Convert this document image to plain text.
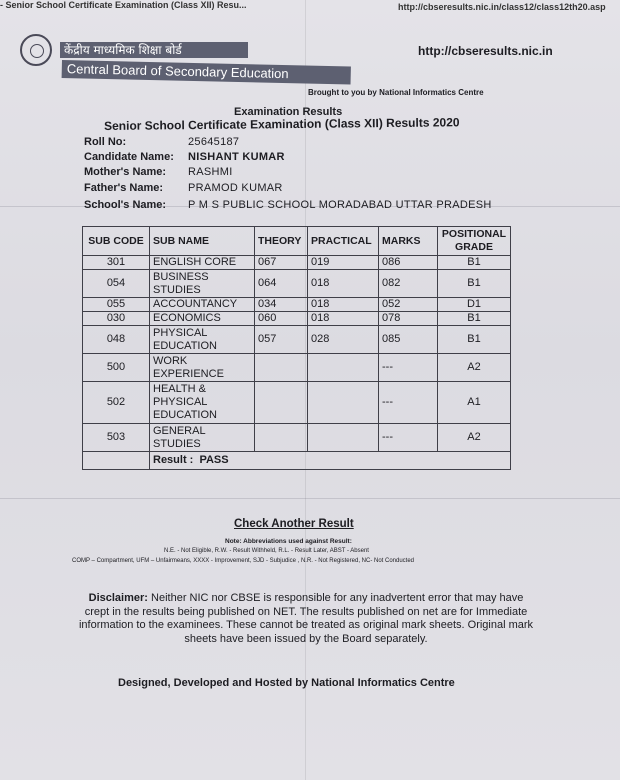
- Senior School Certificate Examination (Class XII) Resu...	http://cbseresults.nic.in/class12/class12th20.asp
केंद्रीय माध्यमिक शिक्षा बोर्ड
Central Board of Secondary Education
http://cbseresults.nic.in
Brought to you by National Informatics Centre
Examination Results
Senior School Certificate Examination (Class XII) Results 2020
Roll No:	25645187
Candidate Name: NISHANT KUMAR
Mother's Name: RASHMI
Father's Name: PRAMOD KUMAR
School's Name: P M S PUBLIC SCHOOL MORADABAD UTTAR PRADESH
SUB CODE	SUB NAME	THEORY	PRACTICAL	MARKS	POSITIONAL GRADE
301	ENGLISH CORE	067	019	086	B1
054	BUSINESS STUDIES	064	018	082	B1
055	ACCOUNTANCY	034	018	052	D1
030	ECONOMICS	060	018	078	B1
048	PHYSICAL EDUCATION	057	028	085	B1
500	WORK EXPERIENCE			---	A2
502	HEALTH & PHYSICAL EDUCATION			---	A1
503	GENERAL STUDIES			---	A2
	Result : PASS				
Check Another Result
Note: Abbreviations used against Result:
N.E. - Not Eligible, R.W. - Result Withheld, R.L. - Result Later, ABST - Absent
COMP – Compartment, UFM – Unfairmeans, XXXX - Improvement, SJD - Subjudice , N.R. - Not Registered, NC- Not Conducted
Disclaimer: Neither NIC nor CBSE is responsible for any inadvertent error that may have crept in the results being published on NET. The results published on net are for Immediate information to the examinees. These cannot be treated as original mark sheets. Original mark sheets have been issued by the Board separately.
Designed, Developed and Hosted by National Informatics Centre
